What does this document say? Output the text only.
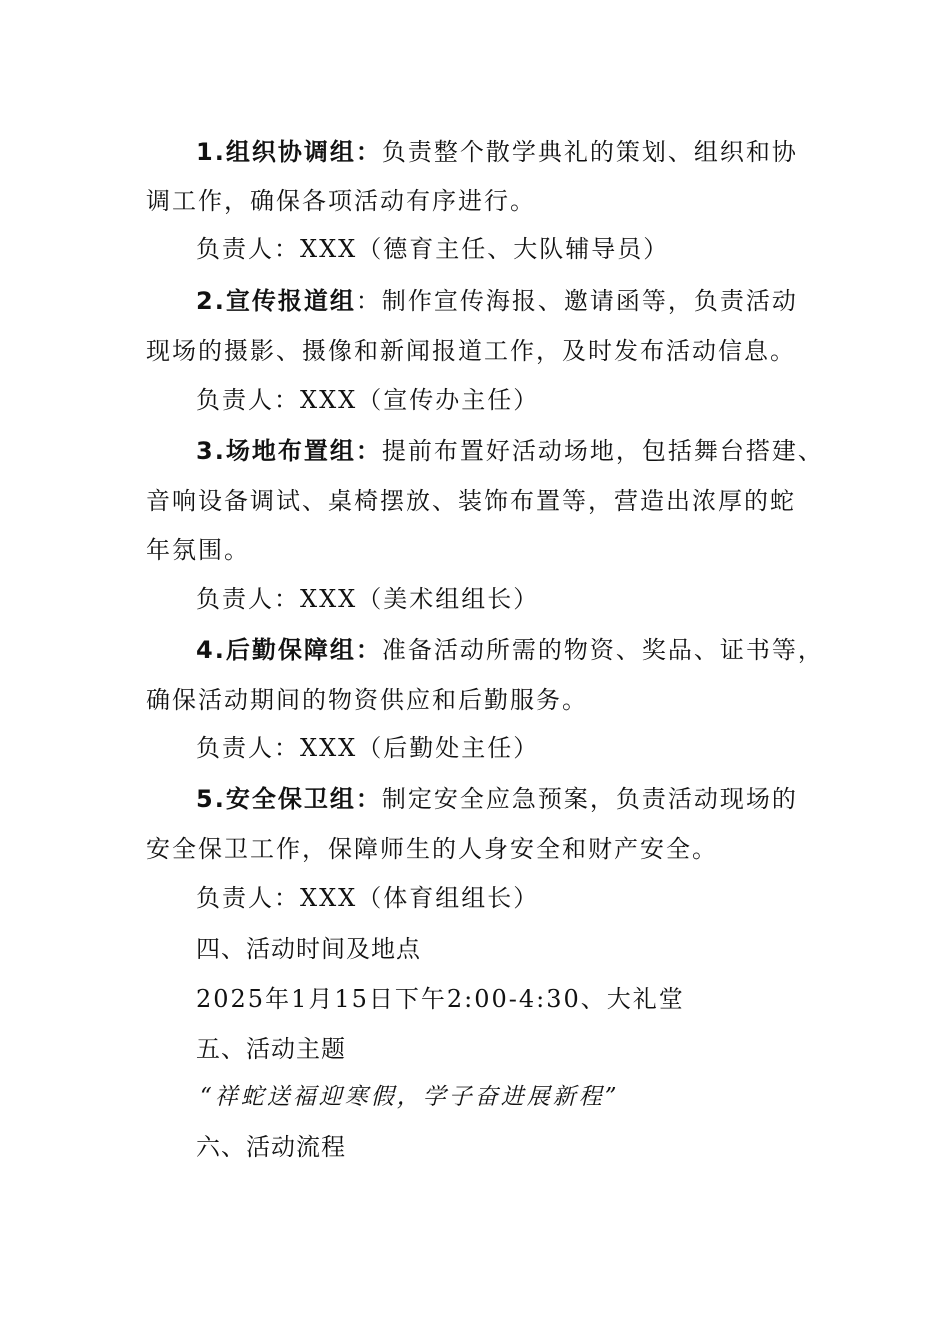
1.组织协调组：负责整个散学典礼的策划、组织和协
调工作，确保各项活动有序进行。
负责人：XXX（德育主任、大队辅导员）
2.宣传报道组：制作宣传海报、邀请函等，负责活动
现场的摄影、摄像和新闻报道工作，及时发布活动信息。
负责人：XXX（宣传办主任）
3.场地布置组：提前布置好活动场地，包括舞台搭建、
音响设备调试、桌椅摆放、装饰布置等，营造出浓厚的蛇
年氛围。
负责人：XXX（美术组组长）
4.后勤保障组：准备活动所需的物资、奖品、证书等，
确保活动期间的物资供应和后勤服务。
负责人：XXX（后勤处主任）
5.安全保卫组：制定安全应急预案，负责活动现场的
安全保卫工作，保障师生的人身安全和财产安全。
负责人：XXX（体育组组长）
四、活动时间及地点
2025年1月15日下午2:00-4:30、大礼堂
五、活动主题
“祥蛇送福迎寒假，学子奋进展新程”
六、活动流程
